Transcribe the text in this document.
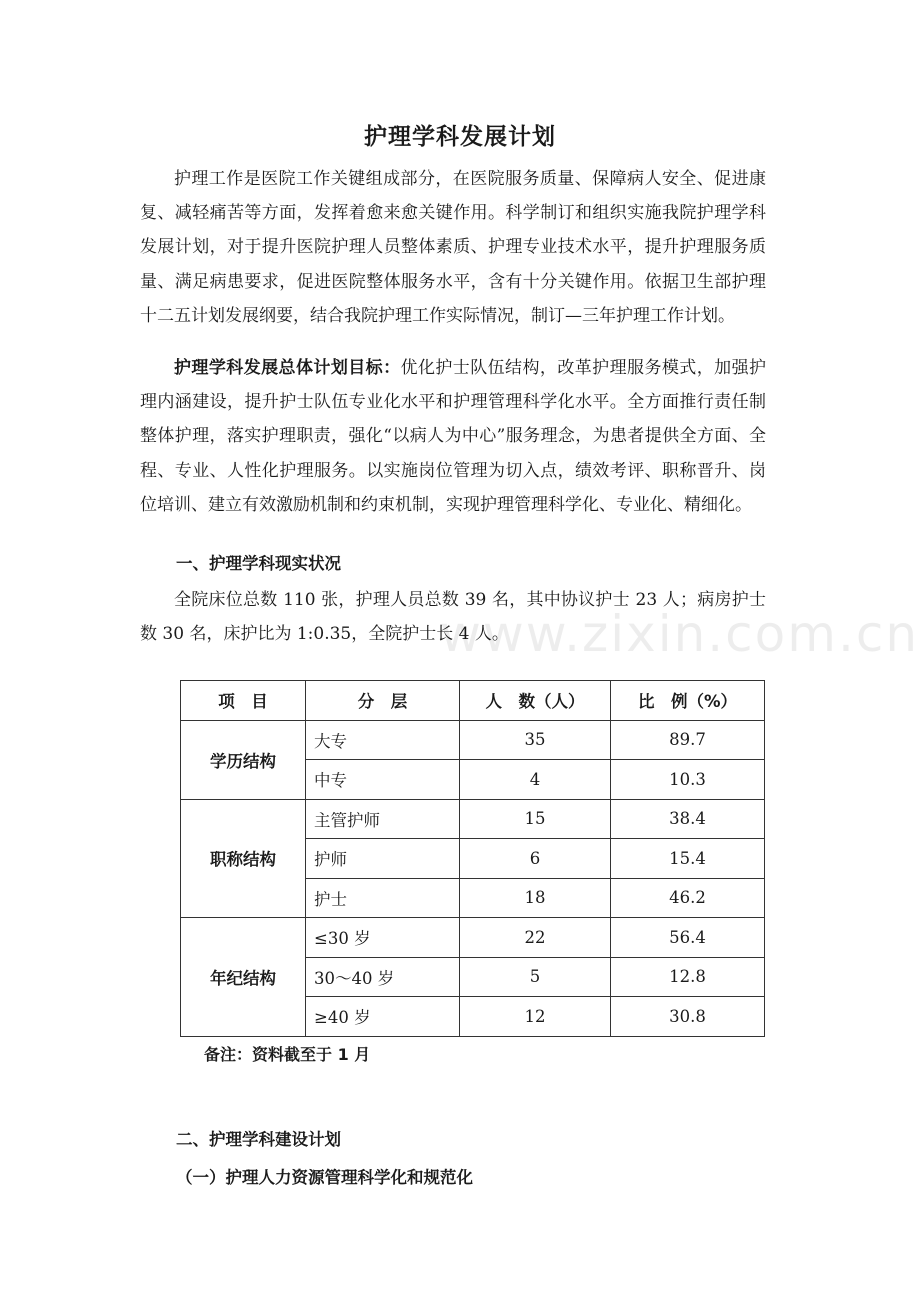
护理学科发展计划

护理工作是医院工作关键组成部分，在医院服务质量、保障病人安全、促进康复、减轻痛苦等方面，发挥着愈来愈关键作用。科学制订和组织实施我院护理学科发展计划，对于提升医院护理人员整体素质、护理专业技术水平，提升护理服务质量、满足病患要求，促进医院整体服务水平，含有十分关键作用。依据卫生部护理十二五计划发展纲要，结合我院护理工作实际情况，制订—三年护理工作计划。

护理学科发展总体计划目标：优化护士队伍结构，改革护理服务模式，加强护理内涵建设，提升护士队伍专业化水平和护理管理科学化水平。全方面推行责任制整体护理，落实护理职责，强化“以病人为中心”服务理念，为患者提供全方面、全程、专业、人性化护理服务。以实施岗位管理为切入点，绩效考评、职称晋升、岗位培训、建立有效激励机制和约束机制，实现护理管理科学化、专业化、精细化。

一、护理学科现实状况

全院床位总数 110 张，护理人员总数 39 名，其中协议护士 23 人；病房护士数 30 名，床护比为 1:0.35，全院护士长 4 人。

项　目	分　层	人　数（人）	比　例（%）
学历结构	大专	35	89.7
	中专	4	10.3
职称结构	主管护师	15	38.4
	护师	6	15.4
	护士	18	46.2
年纪结构	≤30 岁	22	56.4
	30～40 岁	5	12.8
	≥40 岁	12	30.8
备注：资料截至于 1 月
二、护理学科建设计划
（一）护理人力资源管理科学化和规范化
www.zixin.com.cn
